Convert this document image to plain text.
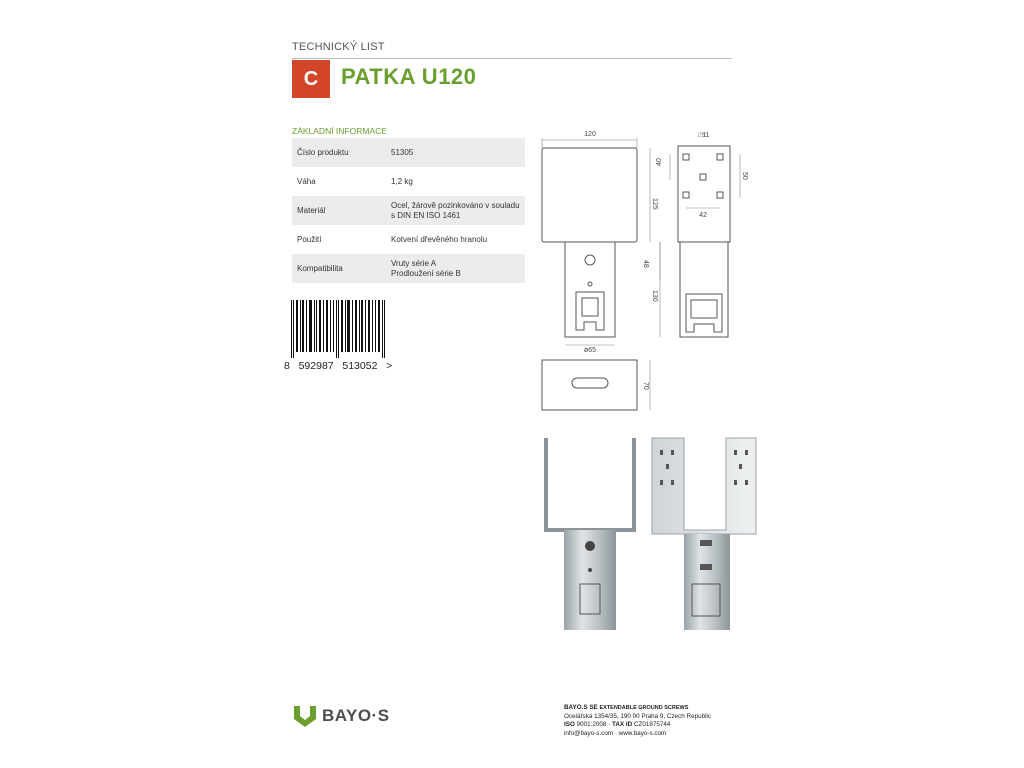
TECHNICKÝ LIST
C	PATKA U120
ZÁKLADNÍ INFORMACE
Číslo produktu	51305
Váha	1,2 kg
Materiál	Ocel, žárově pozinkováno v souladu s DIN EN ISO 1461
Použití	Kotvení dřevěného hranolu
Kompatibilita	Vruty série A
Prodloužení série B
8   592987   513052   >
120
125
48
130
ø65
70
□11
40
50
42
BAYO·S	BAYO.S SE EXTENDABLE GROUND SCREWS
Ocelářská 1354/35, 190 00 Praha 9, Czech Republic
ISO 9001:2008 · TAX ID CZ01875744
info@bayo-s.com · www.bayo-s.com
